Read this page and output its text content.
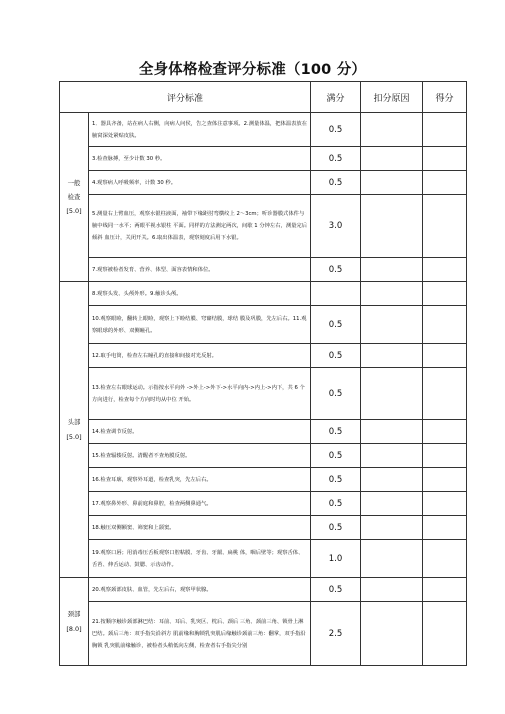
全身体格检查评分标准（100 分）
评分标准		满分	扣分原因	得分

一般
检查
[5.0]	1．器具齐备，站在病人右侧，向病人问侯，告之查体注意事项。2.测量体温，把体温表放在腋窝深处紧贴皮肤。	0.5		
	3.检查脉搏，至少计数 30 秒。	0.5		
	4.观察病人呼吸频率，计数 30 秒。	0.5		
	5.测量右上臂血压，观察水银柱液面，袖带下缘距肘弯横纹上 2～3cm；听诊器膜式体件与腋中线同一水平；两眼平视水银柱 平面。同样的方法测定两次，间歇 1 分钟左右，测量完后倾斜 血压计，关闭开关。6.取出体温表，观察刻度后用下水银。	3.0		
	7.观察被检者发育、营养、体型、面容表情和体位。	0.5		

头部
[5.0]	8.观察头发、头颅外形。9.触诊头颅。			
	10.观察眼睑，翻转上眼睑，观察上下睑结膜、穹窿结膜，球结 膜及巩膜，先左后右。11.观察眼球的外形、双侧瞳孔。	0.5		
	12.取手电筒，检查左右瞳孔的直接和间接对光反射。	0.5		
	13.检查左右眼球运动。示指按水平向外 ->外上->外下->水平向内->内上->内下，共 6 个方向进行，检查每个方向时均从中位 开始。	0.5		
	14.检查调节反射。	0.5		
	15.检查辐辏反射。清醒者不查角膜反射。	0.5		
	16.检查耳廓，观察外耳道，检查乳突，先左后右。	0.5		
	17.观察鼻外形、鼻前庭和鼻腔，检查两侧鼻通气。	0.5		
	18.触压双侧额窦、筛窦和上颌窦。	0.5		
	19.观察口唇；用消毒压舌板观察口腔粘膜、牙齿、牙龈、扁桃 体，咽后壁等；观察舌体、舌苔、伸舌运动、鼓腮、示齿动作。	1.0		

颈部
[8.0]	20.观察颈部皮肤、血管，先左后右，观察甲状腺。	0.5		
	21.按顺序触诊颈部淋巴结：耳前、耳后、乳突区、枕后、颈后 三角、颈前三角、锁骨上淋巴结。颈后三角：双手指尖沿斜方 肌前缘和胸锁乳突肌后缘触诊颈前三角：翻掌，双手指沿胸锁 乳突肌前缘触诊，被检者头稍低向左侧，检查者右手指尖分别	2.5		
